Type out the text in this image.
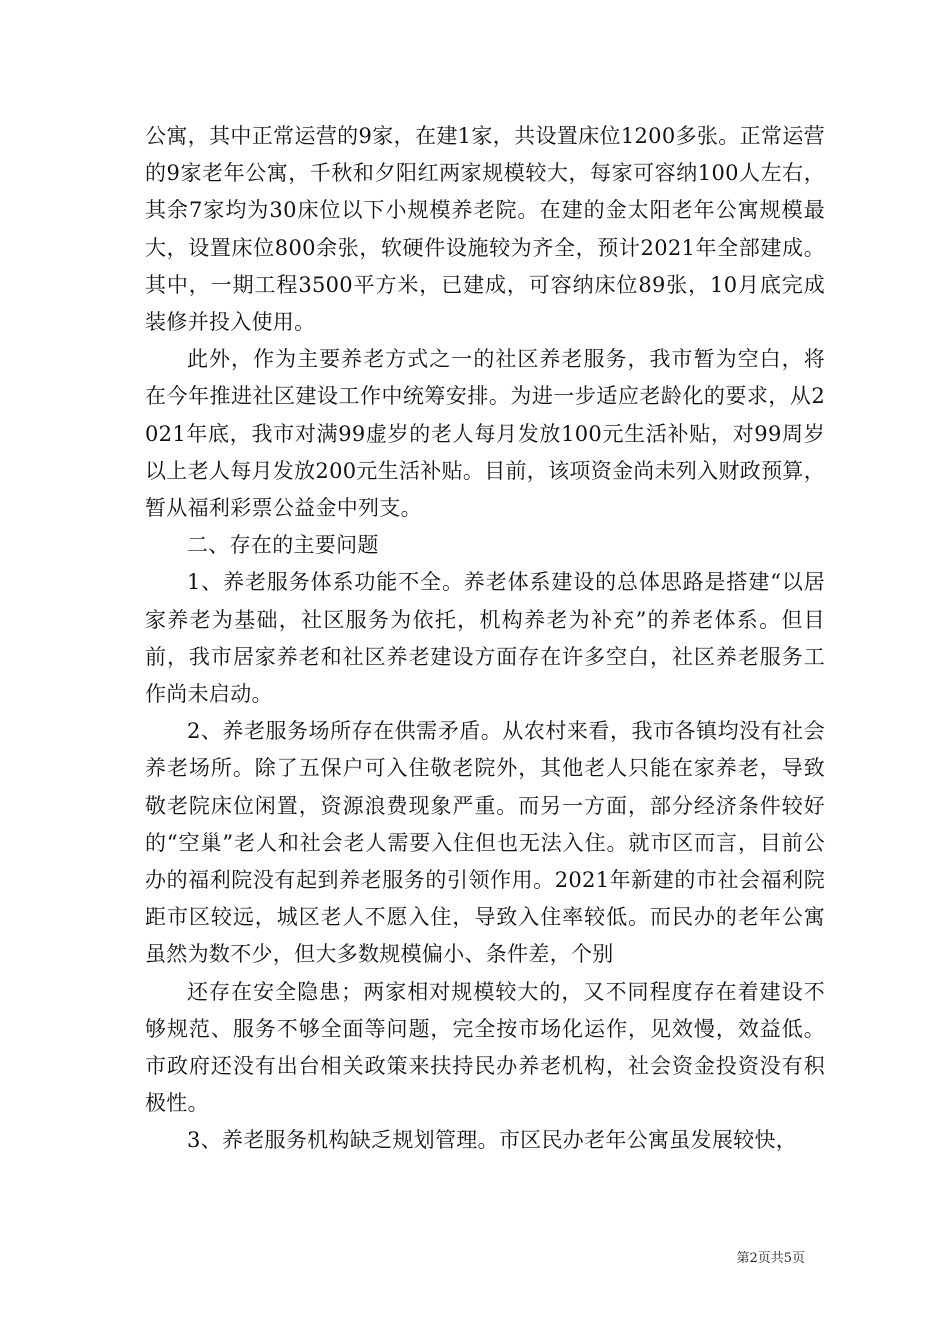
公寓，其中正常运营的9家，在建1家，共设置床位1200多张。正常运营的9家老年公寓，千秋和夕阳红两家规模较大，每家可容纳100人左右，其余7家均为30床位以下小规模养老院。在建的金太阳老年公寓规模最大，设置床位800余张，软硬件设施较为齐全，预计2021年全部建成。其中，一期工程3500平方米，已建成，可容纳床位89张，10月底完成装修并投入使用。

此外，作为主要养老方式之一的社区养老服务，我市暂为空白，将在今年推进社区建设工作中统筹安排。为进一步适应老龄化的要求，从2021年底，我市对满99虚岁的老人每月发放100元生活补贴，对99周岁以上老人每月发放200元生活补贴。目前，该项资金尚未列入财政预算，暂从福利彩票公益金中列支。

二、存在的主要问题

1、养老服务体系功能不全。养老体系建设的总体思路是搭建“以居家养老为基础，社区服务为依托，机构养老为补充”的养老体系。但目前，我市居家养老和社区养老建设方面存在许多空白，社区养老服务工作尚未启动。

2、养老服务场所存在供需矛盾。从农村来看，我市各镇均没有社会养老场所。除了五保户可入住敬老院外，其他老人只能在家养老，导致敬老院床位闲置，资源浪费现象严重。而另一方面，部分经济条件较好的“空巢”老人和社会老人需要入住但也无法入住。就市区而言，目前公办的福利院没有起到养老服务的引领作用。2021年新建的市社会福利院距市区较远，城区老人不愿入住，导致入住率较低。而民办的老年公寓虽然为数不少，但大多数规模偏小、条件差，个别

还存在安全隐患；两家相对规模较大的，又不同程度存在着建设不够规范、服务不够全面等问题，完全按市场化运作，见效慢，效益低。市政府还没有出台相关政策来扶持民办养老机构，社会资金投资没有积极性。

3、养老服务机构缺乏规划管理。市区民办老年公寓虽发展较快，

第2页共5页
